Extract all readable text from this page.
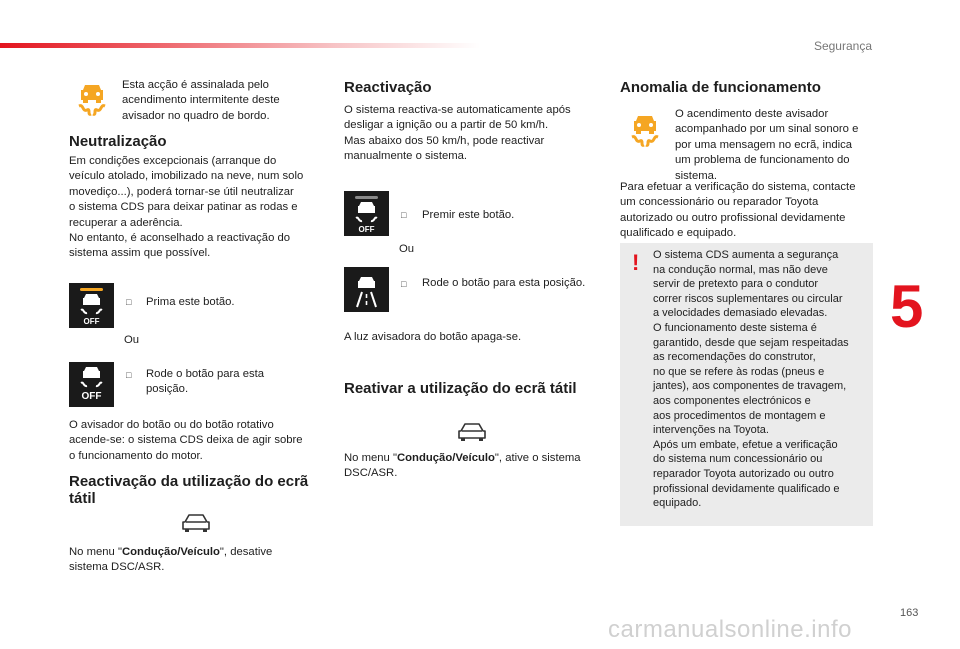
Segurança
5
163
carmanualsonline.info
Esta acção é assinalada pelo
acendimento intermitente deste
avisador no quadro de bordo.
Neutralização
Em condições excepcionais (arranque do
veículo atolado, imobilizado na neve, num solo
movediço...), poderá tornar-se útil neutralizar
o sistema CDS para deixar patinar as rodas e
recuperar a aderência.
No entanto, é aconselhado a reactivação do
sistema assim que possível.
OFF
□ Prima este botão.
Ou
OFF
□ Rode o botão para esta
posição.
O avisador do botão ou do botão rotativo
acende-se: o sistema CDS deixa de agir sobre
o funcionamento do motor.
Reactivação da utilização do ecrã
tátil
No menu "Condução/Veículo", desative
sistema DSC/ASR.
Reactivação
O sistema reactiva-se automaticamente após
desligar a ignição ou a partir de 50 km/h.
Mas abaixo dos 50 km/h, pode reactivar
manualmente o sistema.
OFF
□ Premir este botão.
Ou
□ Rode o botão para esta posição.
A luz avisadora do botão apaga-se.
Reativar a utilização do ecrã tátil
No menu "Condução/Veículo", ative o sistema
DSC/ASR.
Anomalia de funcionamento
O acendimento deste avisador
acompanhado por um sinal sonoro e
por uma mensagem no ecrã, indica
um problema de funcionamento do
sistema.
Para efetuar a verificação do sistema, contacte
um concessionário ou reparador Toyota
autorizado ou outro profissional devidamente
qualificado e equipado.
! O sistema CDS aumenta a segurança
na condução normal, mas não deve
servir de pretexto para o condutor
correr riscos suplementares ou circular
a velocidades demasiado elevadas.
O funcionamento deste sistema é
garantido, desde que sejam respeitadas
as recomendações do construtor,
no que se refere às rodas (pneus e
jantes), aos componentes de travagem,
aos componentes electrónicos e
aos procedimentos de montagem e
intervenções na Toyota.
Após um embate, efetue a verificação
do sistema num concessionário ou
reparador Toyota autorizado ou outro
profissional devidamente qualificado e
equipado.
